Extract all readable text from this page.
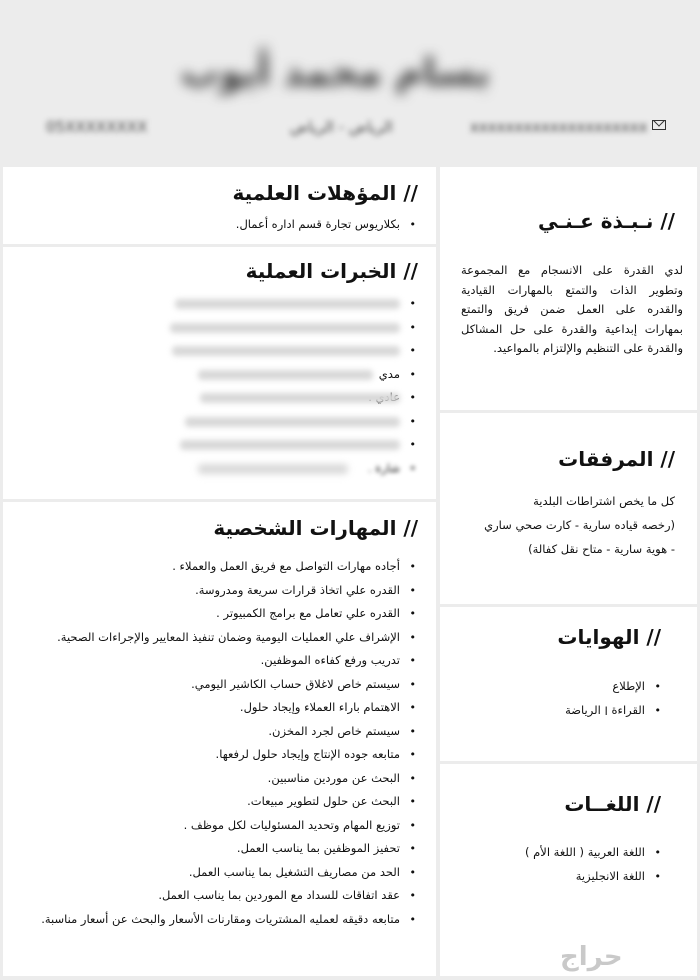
بسام محمد أيوب
05XXXXXXXX	الرياض - الرياض	xxxxxxxxxxxxxxxxxxxx
// المؤهلات العلمية
• بكلاريوس تجارة قسم اداره أعمال.
// الخبرات العملية
•
•
•
• مدي
•
•
•
• شارة .
// المهارات الشخصية
• أجاده مهارات التواصل مع فريق العمل والعملاء .
• القدره علي اتخاذ قرارات سريعة ومدروسة.
• القدره علي تعامل مع برامج الكمبيوتر .
• الإشراف علي العمليات اليومية وضمان تنفيذ المعايير والإجراءات الصحية.
• تدريب ورفع كفاءه الموظفين.
• سيستم خاص لاغلاق حساب الكاشير اليومي.
• الاهتمام باراء العملاء وإيجاد حلول.
• سيستم خاص لجرد المخزن.
• متابعه جوده الإنتاج وإيجاد حلول لرفعها.
• البحث عن موردين مناسبين.
• البحث عن حلول لتطوير مبيعات.
• توزيع المهام وتحديد المسئوليات لكل موظف .
• تحفيز الموظفين بما يناسب العمل.
• الحد من مصاريف التشغيل بما يناسب العمل.
• عقد اتفاقات للسداد مع الموردين بما يناسب العمل.
• متابعه دقيقه لعمليه المشتريات ومقارنات الأسعار والبحث عن أسعار مناسبة.
// نـبـذة عـنـي
لدي القدرة على الانسجام مع المجموعة وتطوير الذات والتمتع بالمهارات القيادية والقدره على العمل ضمن فريق والتمتع بمهارات إبداعية والقدرة على حل المشاكل والقدرة على التنظيم والإلتزام بالمواعيد.
// المرفقات
كل ما يخص اشتراطات البلدية
(رخصه قياده سارية - كارت صحي ساري
- هوية سارية - متاح نقل كفالة)
// الهوايات
• الإطلاع
• القراءة ׀ الرياضة
// اللغــات
• اللغة العربية ( اللغة الأم )
• اللغة الانجليزية
حراج
